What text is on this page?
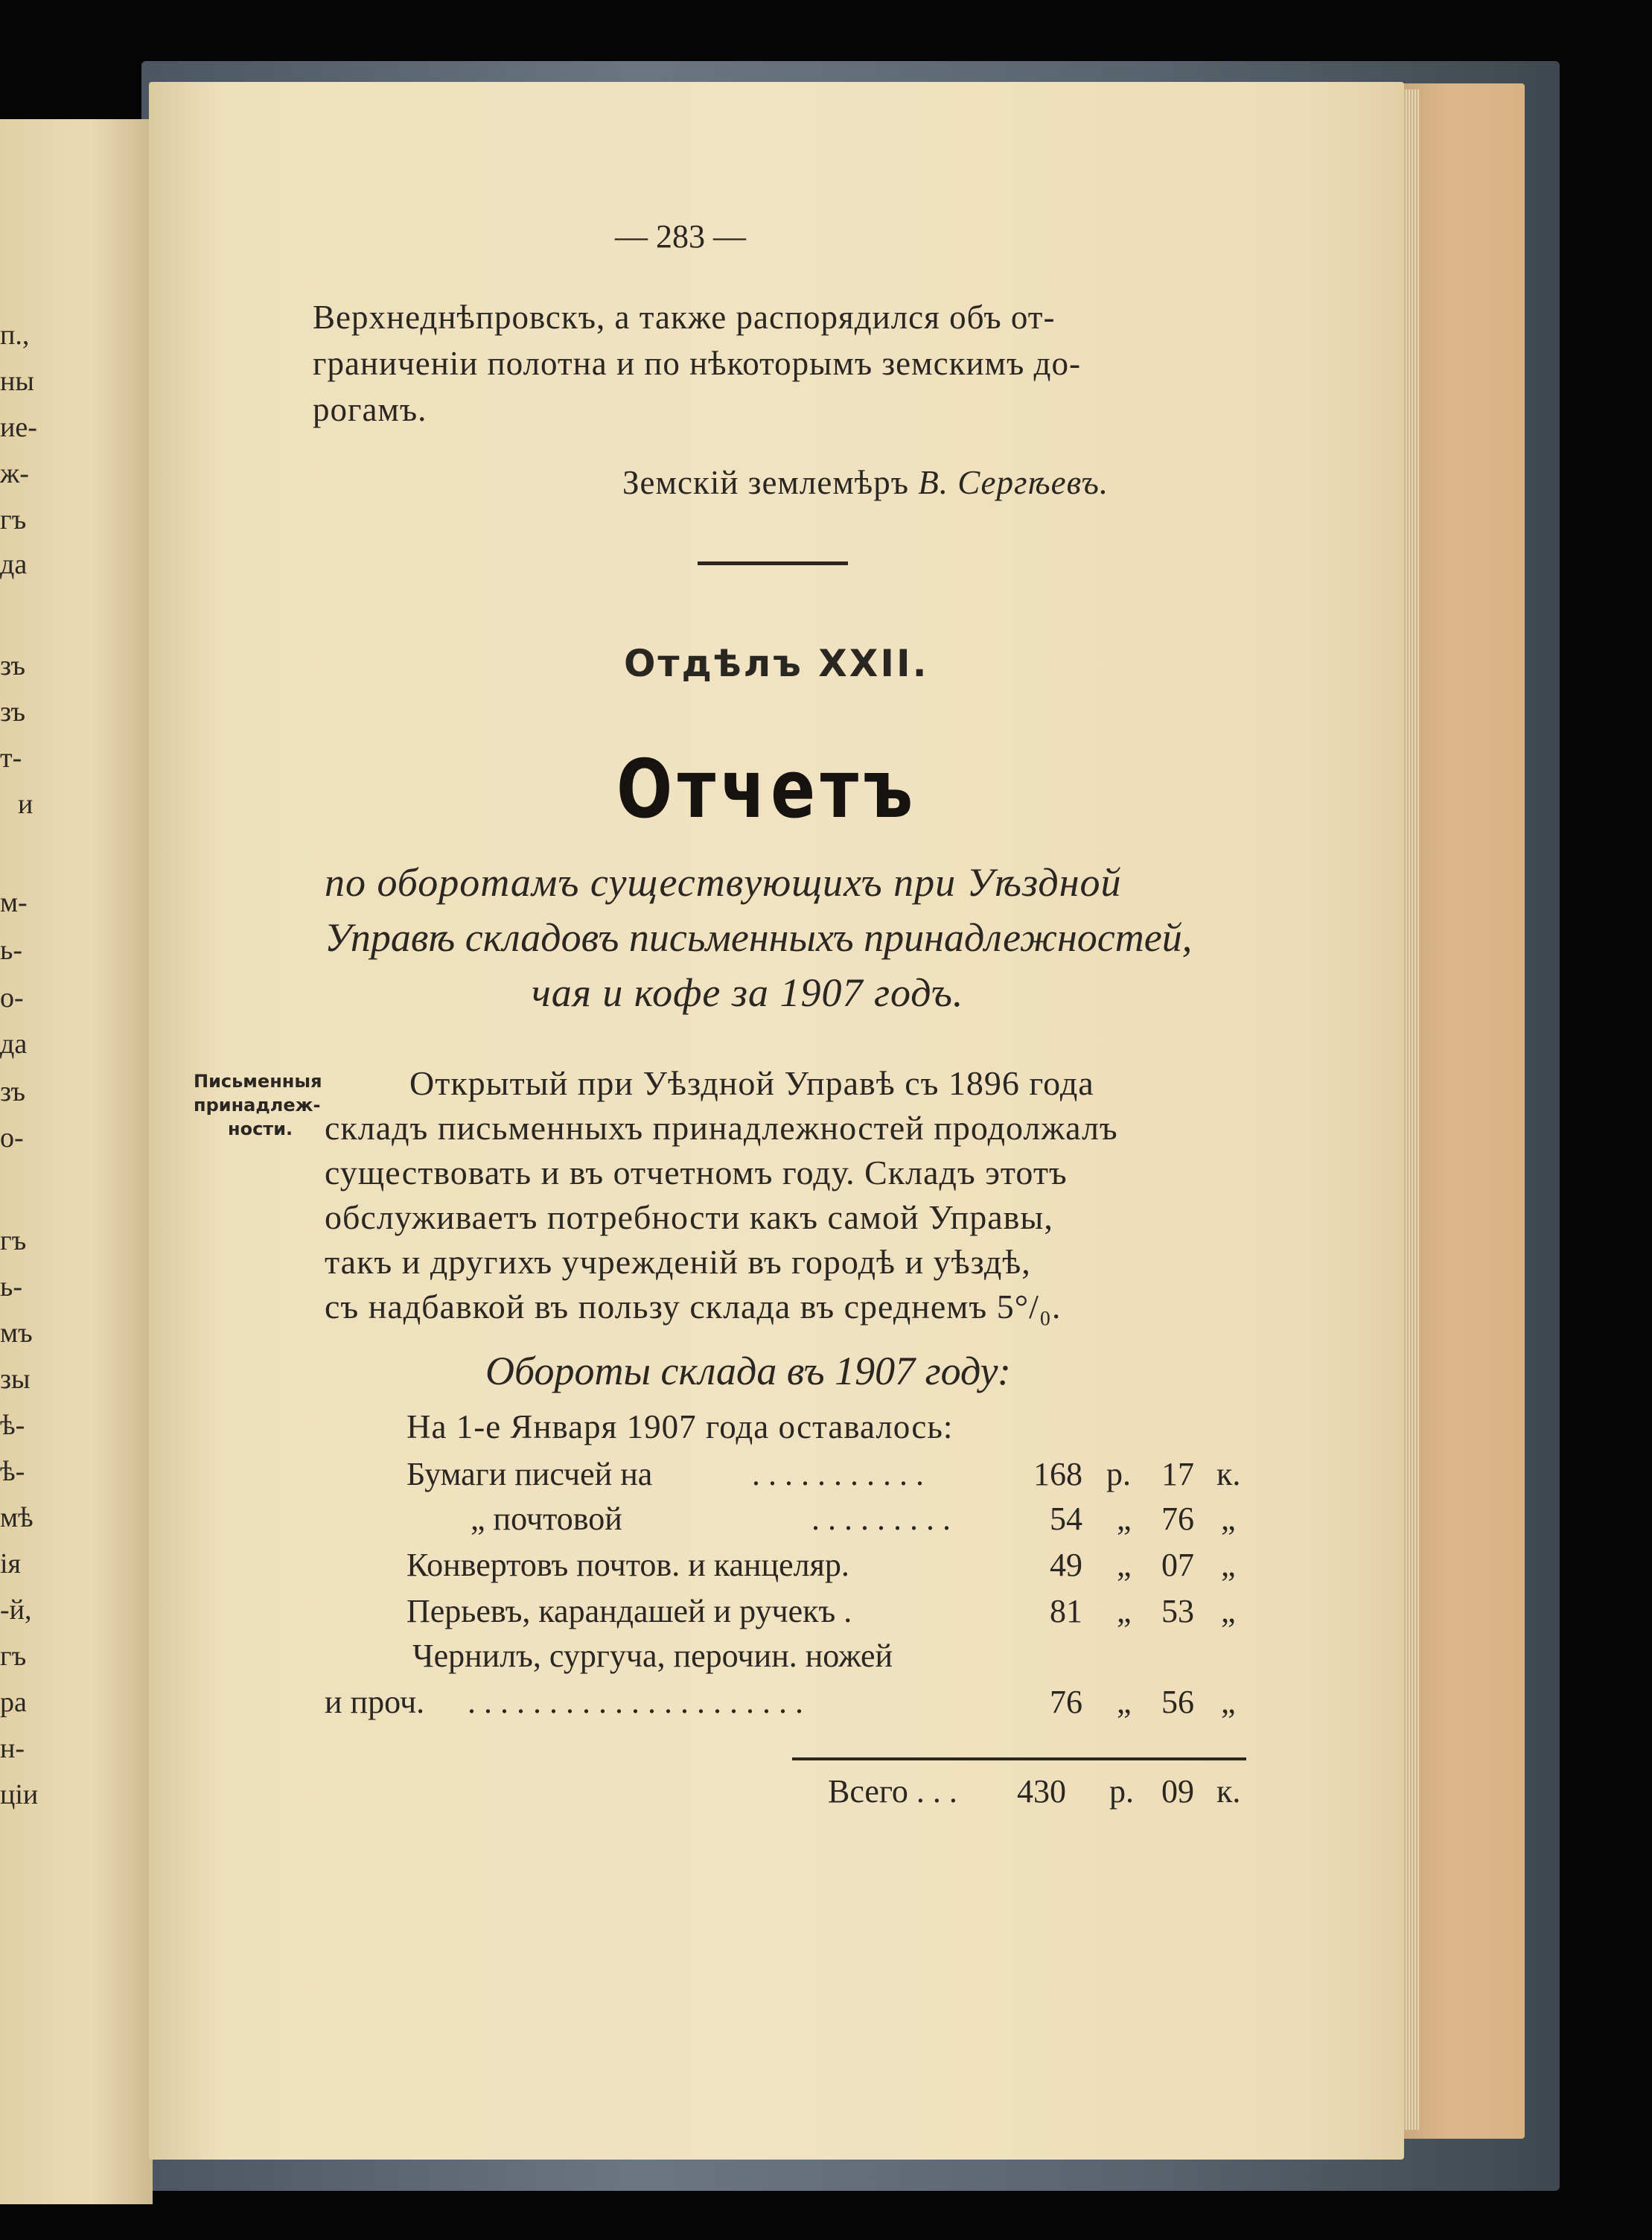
п.,
ны
ие-
ж-
гъ
да
зъ
зъ
т-
и
м-
ь-
о-
да
зъ
о-
гъ
ь-
мъ
зы
ѣ-
ѣ-
мѣ
ія
-й,
гъ
ра
н-
ціи
— 283 —
Верхнеднѣпровскъ, а также распорядился объ от-
граниченіи полотна и по нѣкоторымъ земскимъ до-
рогамъ.
Земскій землемѣръ В. Сергѣевъ.
Отдѣлъ XXII.
Отчетъ
по оборотамъ существующихъ при Уѣздной
Управѣ складовъ письменныхъ принадлежностей,
чая и кофе за 1907 годъ.
Письменныя
принадлеж-
ности.
Открытый при Уѣздной Управѣ съ 1896 года
складъ письменныхъ принадлежностей продолжалъ
существовать и въ отчетномъ году. Складъ этотъ
обслуживаетъ потребности какъ самой Управы,
такъ и другихъ учрежденій въ городѣ и уѣздѣ,
съ надбавкой въ пользу склада въ среднемъ 5°/₀.
Обороты склада въ 1907 году:
На 1-е Января 1907 года оставалось:
Бумаги писчей на	. . . . . . . . . . .	168 р. 17 к.
„ почтовой	. . . . . . . . .	54 „ 76 „
Конвертовъ почтов. и канцеляр.	49 „ 07 „
Перьевъ, карандашей и ручекъ .	81 „ 53 „
Чернилъ, сургуча, перочин. ножей
и проч. . . . . . . . . . . . . . . . . . . . . .	76 „ 56 „
Всего . . . 430 р. 09 к.
